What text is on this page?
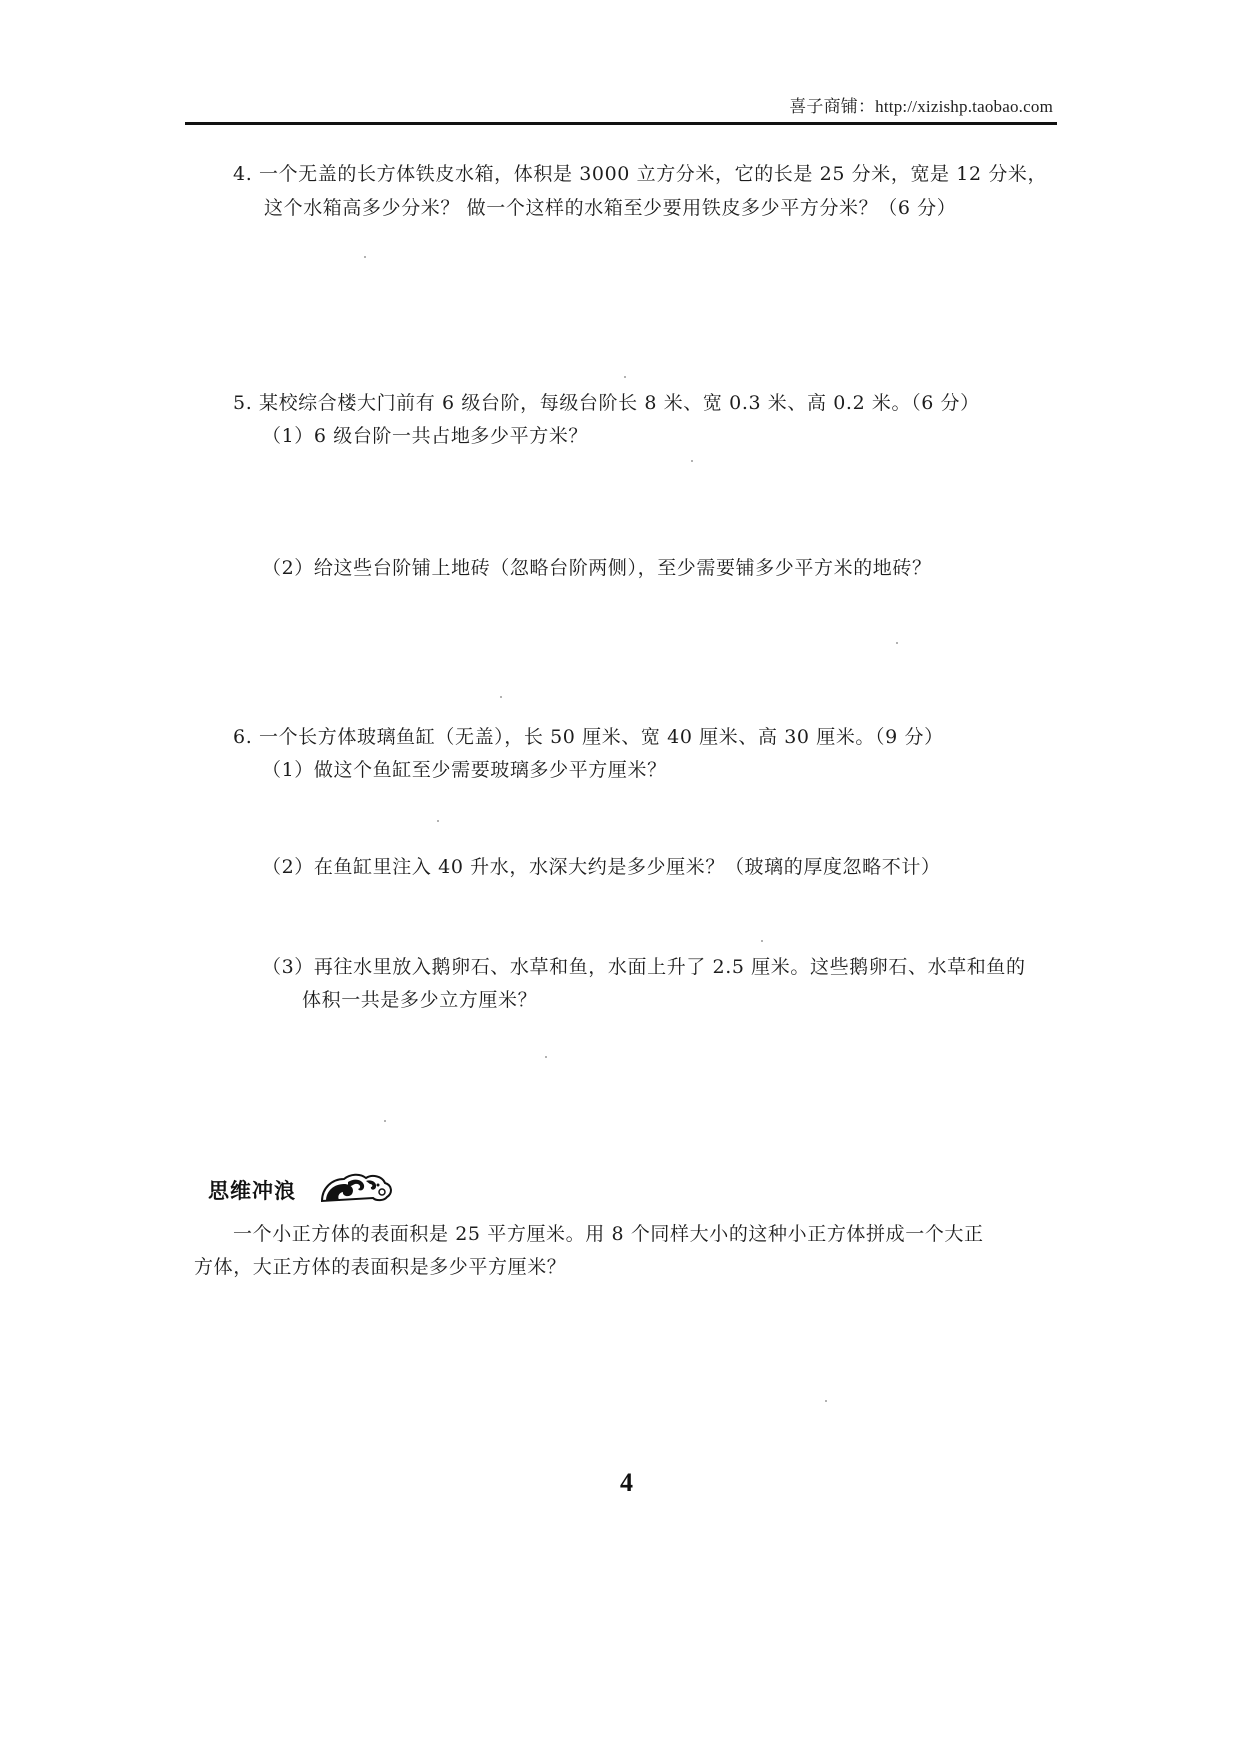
喜子商铺：http://xizishp.taobao.com
4. 一个无盖的长方体铁皮水箱，体积是 3000 立方分米，它的长是 25 分米，宽是 12 分米，
这个水箱高多少分米？ 做一个这样的水箱至少要用铁皮多少平方分米？（6 分）
5. 某校综合楼大门前有 6 级台阶，每级台阶长 8 米、宽 0.3 米、高 0.2 米。（6 分）
（1）6 级台阶一共占地多少平方米？
（2）给这些台阶铺上地砖（忽略台阶两侧），至少需要铺多少平方米的地砖？
6. 一个长方体玻璃鱼缸（无盖），长 50 厘米、宽 40 厘米、高 30 厘米。（9 分）
（1）做这个鱼缸至少需要玻璃多少平方厘米？
（2）在鱼缸里注入 40 升水，水深大约是多少厘米？（玻璃的厚度忽略不计）
（3）再往水里放入鹅卵石、水草和鱼，水面上升了 2.5 厘米。这些鹅卵石、水草和鱼的
体积一共是多少立方厘米？
思维冲浪
一个小正方体的表面积是 25 平方厘米。用 8 个同样大小的这种小正方体拼成一个大正
方体，大正方体的表面积是多少平方厘米？
4
